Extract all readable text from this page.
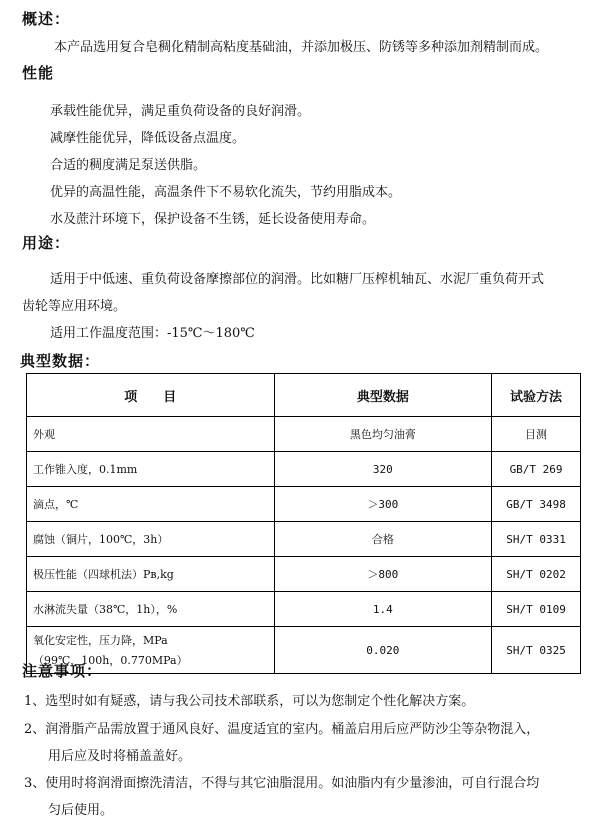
概述：
本产品选用复合皂稠化精制高粘度基础油，并添加极压、防锈等多种添加剂精制而成。
性能
承载性能优异，满足重负荷设备的良好润滑。
减摩性能优异，降低设备点温度。
合适的稠度满足泵送供脂。
优异的高温性能，高温条件下不易软化流失，节约用脂成本。
水及蔗汁环境下，保护设备不生锈，延长设备使用寿命。
用途：
适用于中低速、重负荷设备摩擦部位的润滑。比如糖厂压榨机轴瓦、水泥厂重负荷开式
齿轮等应用环境。
适用工作温度范围：-15℃～180℃
典型数据：
项　　目	典型数据	试验方法
外观	黑色均匀油膏	目测
工作锥入度，0.1mm	320	GB/T 269
滴点，℃	＞300	GB/T 3498
腐蚀（铜片，100℃，3h）	合格	SH/T 0331
极压性能（四球机法）Pв,kg	＞800	SH/T 0202
水淋流失量（38℃，1h），%	1.4	SH/T 0109

氧化安定性，压力降，MPa
（99℃，100h，0.770MPa）	0.020	SH/T 0325
注意事项：
1、选型时如有疑惑，请与我公司技术部联系，可以为您制定个性化解决方案。
2、润滑脂产品需放置于通风良好、温度适宜的室内。桶盖启用后应严防沙尘等杂物混入，
用后应及时将桶盖盖好。
3、使用时将润滑面擦洗清洁，不得与其它油脂混用。如油脂内有少量渗油，可自行混合均
匀后使用。
